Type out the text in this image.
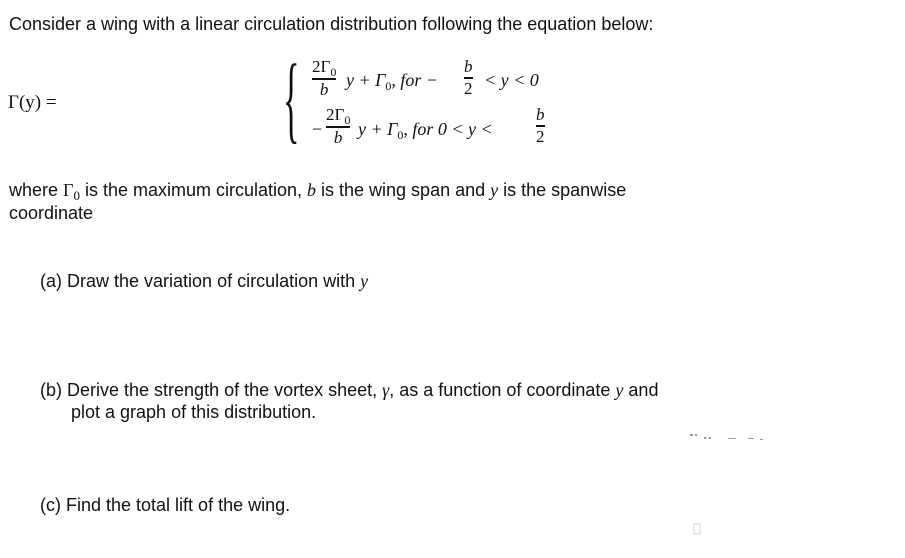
Consider a wing with a linear circulation distribution following the equation below:
Γ(y) = { $2\Gamma_0$
b $y + \Gamma_0$, for −
b
2 < y < 0
−
$2\Gamma_0$
b $y + \Gamma_0$, for 0 < y <
b
2
where $\Gamma_0$ is the maximum circulation, b is the wing span and y is the spanwise
coordinate
(a) Draw the variation of circulation with y
(b) Derive the strength of the vortex sheet, γ, as a function of coordinate y and
plot a graph of this distribution.
(c) Find the total lift of the wing.
